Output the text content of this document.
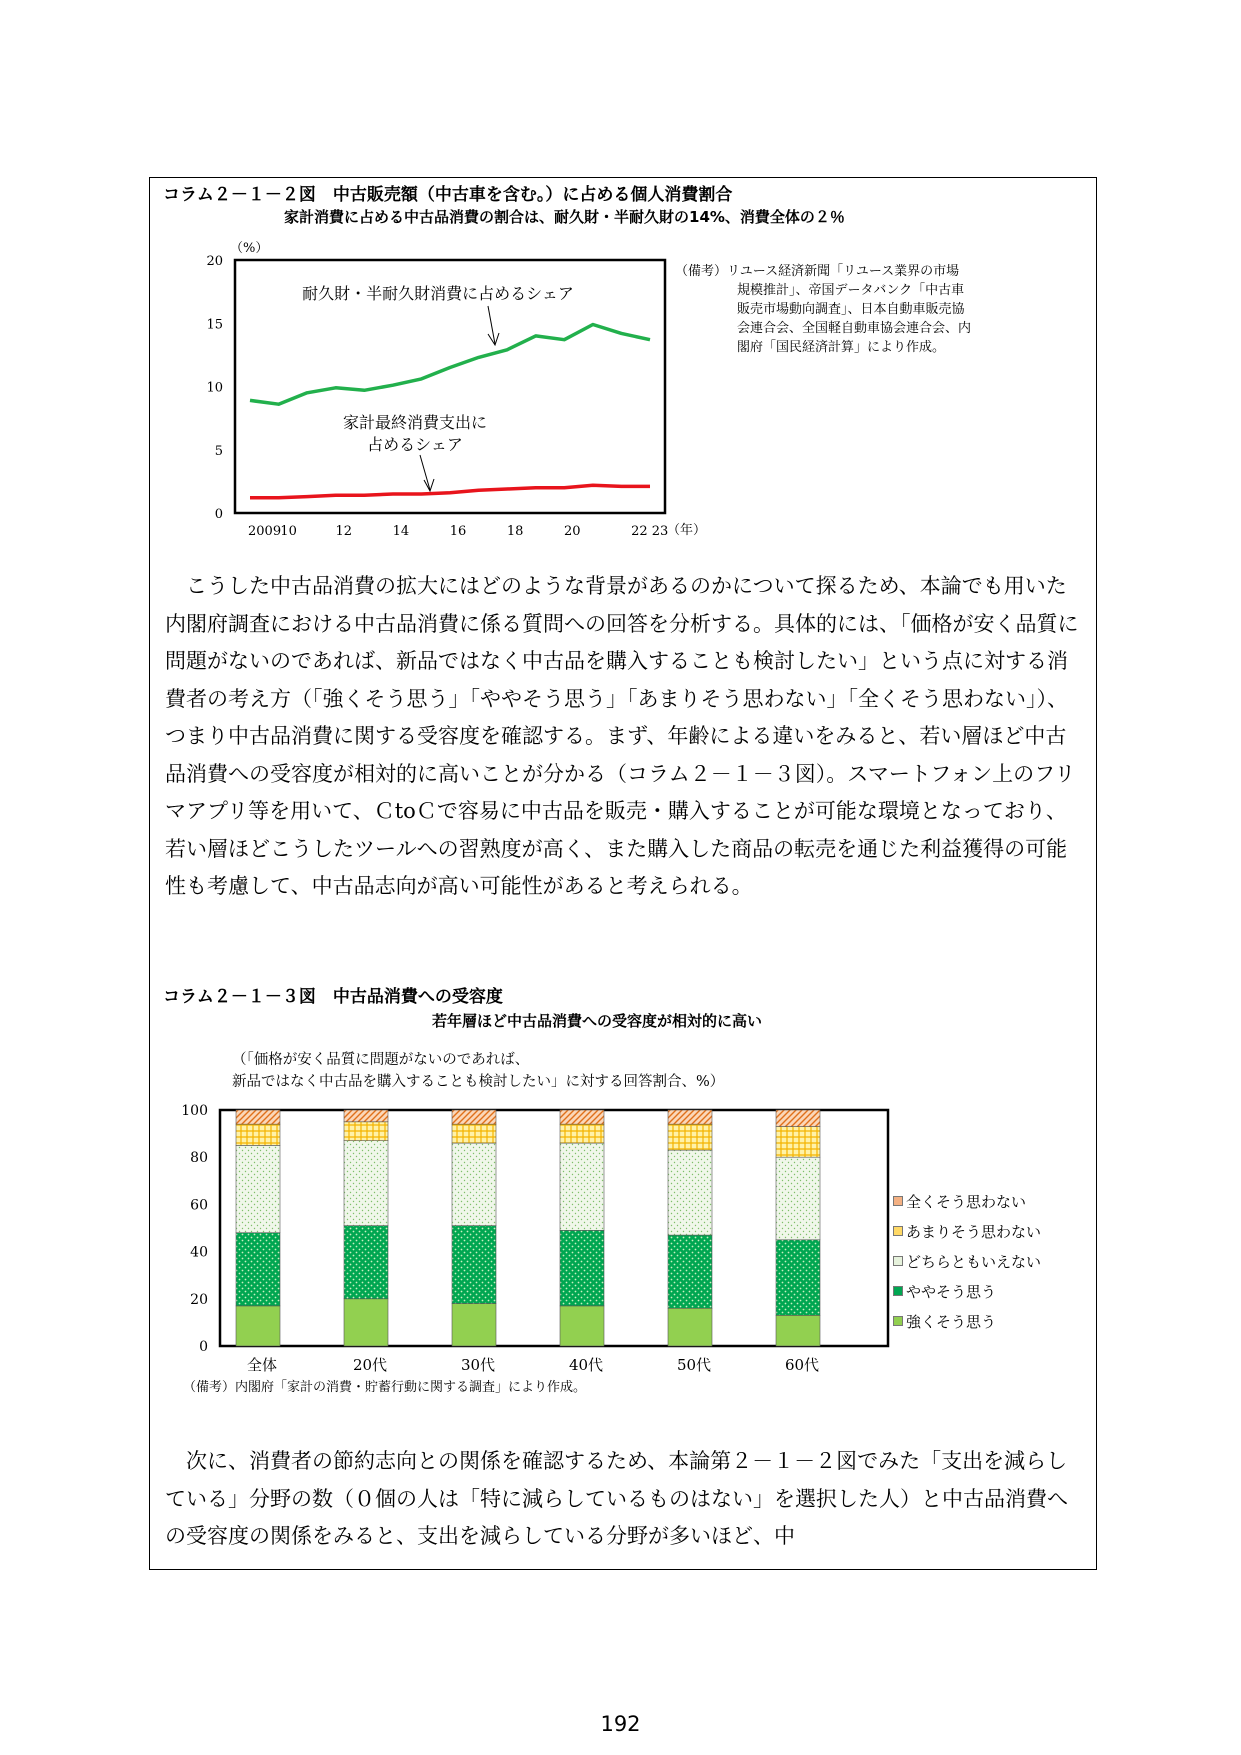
コラム２－１－２図　中古販売額（中古車を含む。）に占める個人消費割合
家計消費に占める中古品消費の割合は、耐久財・半耐久財の14%、消費全体の２％
0
5
10
15
20
（%）
2009 10	12	14	16	18	20	22 23
（年）
耐久財・半耐久財消費に占めるシェア
家計最終消費支出に
占めるシェア
（備考）リユース経済新聞「リユース業界の市場
規模推計」、帝国データバンク「中古車
販売市場動向調査」、日本自動車販売協
会連合会、全国軽自動車協会連合会、内
閣府「国民経済計算」により作成。

こうした中古品消費の拡大にはどのような背景があるのかについて探るため、本論でも用いた内閣府調査における中古品消費に係る質問への回答を分析する。具体的には、「価格が安く品質に問題がないのであれば、新品ではなく中古品を購入することも検討したい」という点に対する消費者の考え方（「強くそう思う」「ややそう思う」「あまりそう思わない」「全くそう思わない」）、つまり中古品消費に関する受容度を確認する。まず、年齢による違いをみると、若い層ほど中古品消費への受容度が相対的に高いことが分かる（コラム２－１－３図）。スマートフォン上のフリマアプリ等を用いて、ＣtoＣで容易に中古品を販売・購入することが可能な環境となっており、若い層ほどこうしたツールへの習熟度が高く、また購入した商品の転売を通じた利益獲得の可能性も考慮して、中古品志向が高い可能性があると考えられる。

コラム２－１－３図　中古品消費への受容度
若年層ほど中古品消費への受容度が相対的に高い
（「価格が安く品質に問題がないのであれば、
新品ではなく中古品を購入することも検討したい」に対する回答割合、%）
0
20
40
60
80
100
全体	20代	30代	40代	50代	60代
全くそう思わない
あまりそう思わない
どちらともいえない
ややそう思う
強くそう思う
（備考）内閣府「家計の消費・貯蓄行動に関する調査」により作成。

次に、消費者の節約志向との関係を確認するため、本論第２－１－２図でみた「支出を減らしている」分野の数（０個の人は「特に減らしているものはない」を選択した人）と中古品消費への受容度の関係をみると、支出を減らしている分野が多いほど、中

192
